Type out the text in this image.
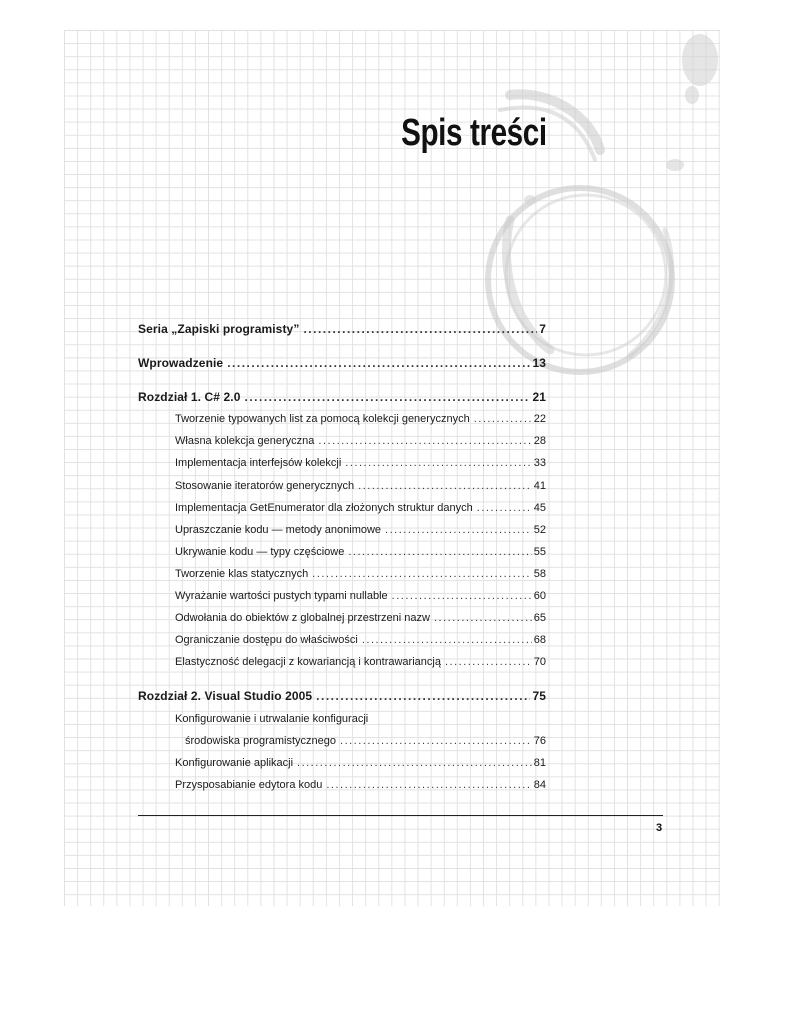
Spis treści
Seria „Zapiski programisty” .....	7
Wprowadzenie .....	13
Rozdział 1. C# 2.0 .....	21
Tworzenie typowanych list za pomocą kolekcji generycznych .....	22
Własna kolekcja generyczna .....	28
Implementacja interfejsów kolekcji .....	33
Stosowanie iteratorów generycznych .....	41
Implementacja GetEnumerator dla złożonych struktur danych .....	45
Upraszczanie kodu — metody anonimowe .....	52
Ukrywanie kodu — typy częściowe .....	55
Tworzenie klas statycznych .....	58
Wyrażanie wartości pustych typami nullable .....	60
Odwołania do obiektów z globalnej przestrzeni nazw .....	65
Ograniczanie dostępu do właściwości .....	68
Elastyczność delegacji z kowariancją i kontrawariancją .....	70
Rozdział 2. Visual Studio 2005 .....	75
Konfigurowanie i utrwalanie konfiguracji
środowiska programistycznego .....	76
Konfigurowanie aplikacji .....	81
Przysposabianie edytora kodu .....	84
3
